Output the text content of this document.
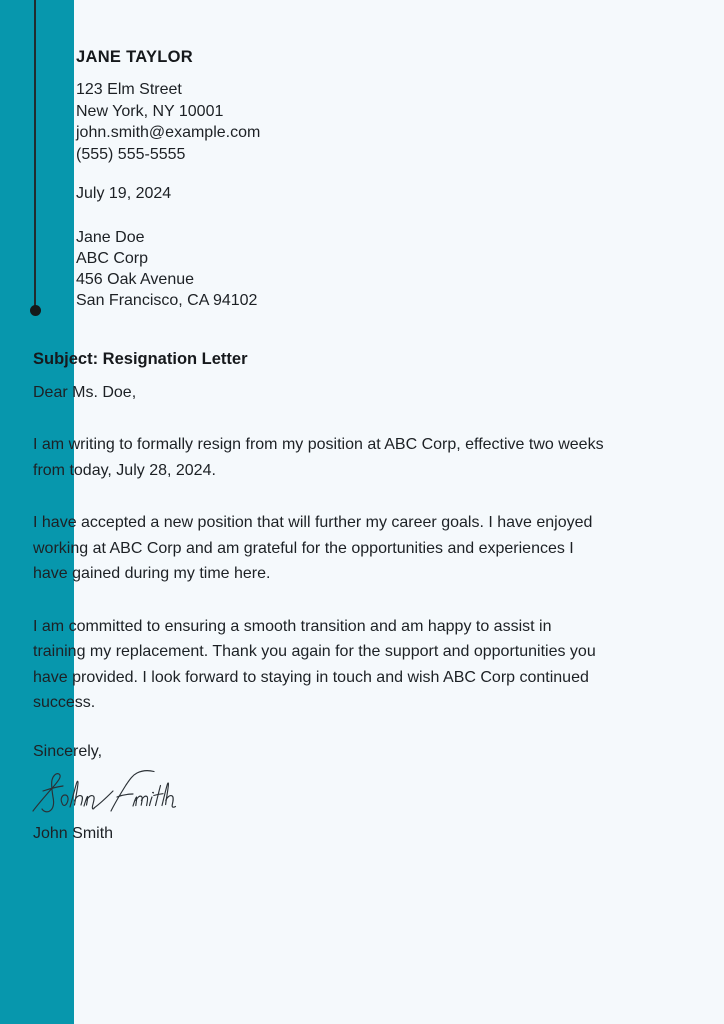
JANE TAYLOR
123 Elm Street
New York, NY 10001
john.smith@example.com
(555) 555-5555
July 19, 2024
Jane Doe
ABC Corp
456 Oak Avenue
San Francisco, CA 94102
Subject: Resignation Letter
Dear Ms. Doe,

I am writing to formally resign from my position at ABC Corp, effective two weeks from today, July 28, 2024.

I have accepted a new position that will further my career goals. I have enjoyed working at ABC Corp and am grateful for the opportunities and experiences I have gained during my time here.

I am committed to ensuring a smooth transition and am happy to assist in training my replacement. Thank you again for the support and opportunities you have provided. I look forward to staying in touch and wish ABC Corp continued success.

Sincerely,
John Smith
